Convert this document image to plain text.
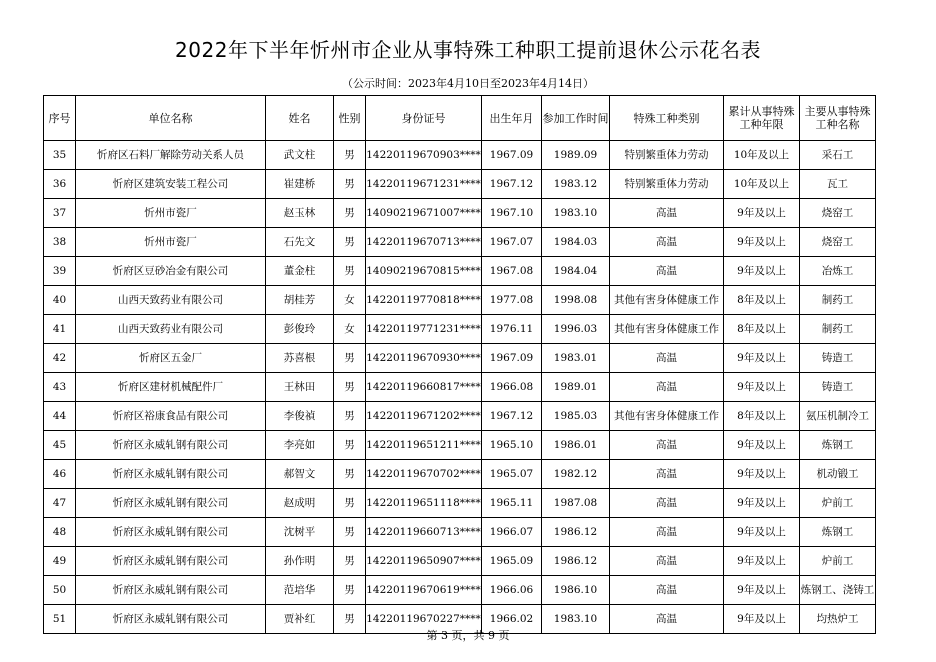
2022年下半年忻州市企业从事特殊工种职工提前退休公示花名表
（公示时间：2023年4月10日至2023年4月14日）
序号	单位名称	姓名	性别	身份证号	出生年月	参加工作时间	特殊工种类别	累计从事特殊工种年限	主要从事特殊工种名称
35	忻府区石料厂解除劳动关系人员	武文柱	男	14220119670903****	1967.09	1989.09	特别繁重体力劳动	10年及以上	采石工
36	忻府区建筑安装工程公司	崔建桥	男	14220119671231****	1967.12	1983.12	特别繁重体力劳动	10年及以上	瓦工
37	忻州市瓷厂	赵玉林	男	14090219671007****	1967.10	1983.10	高温	9年及以上	烧窑工
38	忻州市瓷厂	石先文	男	14220119670713****	1967.07	1984.03	高温	9年及以上	烧窑工
39	忻府区豆砂冶金有限公司	董金柱	男	14090219670815****	1967.08	1984.04	高温	9年及以上	冶炼工
40	山西天致药业有限公司	胡桂芳	女	14220119770818****	1977.08	1998.08	其他有害身体健康工作	8年及以上	制药工
41	山西天致药业有限公司	彭俊玲	女	14220119771231****	1976.11	1996.03	其他有害身体健康工作	8年及以上	制药工
42	忻府区五金厂	苏喜根	男	14220119670930****	1967.09	1983.01	高温	9年及以上	铸造工
43	忻府区建材机械配件厂	王林田	男	14220119660817****	1966.08	1989.01	高温	9年及以上	铸造工
44	忻府区裕康食品有限公司	李俊禎	男	14220119671202****	1967.12	1985.03	其他有害身体健康工作	8年及以上	氨压机制冷工
45	忻府区永威轧钢有限公司	李亮如	男	14220119651211****	1965.10	1986.01	高温	9年及以上	炼钢工
46	忻府区永威轧钢有限公司	郝智文	男	14220119670702****	1965.07	1982.12	高温	9年及以上	机动锻工
47	忻府区永威轧钢有限公司	赵成明	男	14220119651118****	1965.11	1987.08	高温	9年及以上	炉前工
48	忻府区永威轧钢有限公司	沈树平	男	14220119660713****	1966.07	1986.12	高温	9年及以上	炼钢工
49	忻府区永威轧钢有限公司	孙作明	男	14220119650907****	1965.09	1986.12	高温	9年及以上	炉前工
50	忻府区永威轧钢有限公司	范培华	男	14220119670619****	1966.06	1986.10	高温	9年及以上	炼钢工、浇铸工
51	忻府区永威轧钢有限公司	贾补红	男	14220119670227****	1966.02	1983.10	高温	9年及以上	均热炉工
第 3 页，共 9 页
